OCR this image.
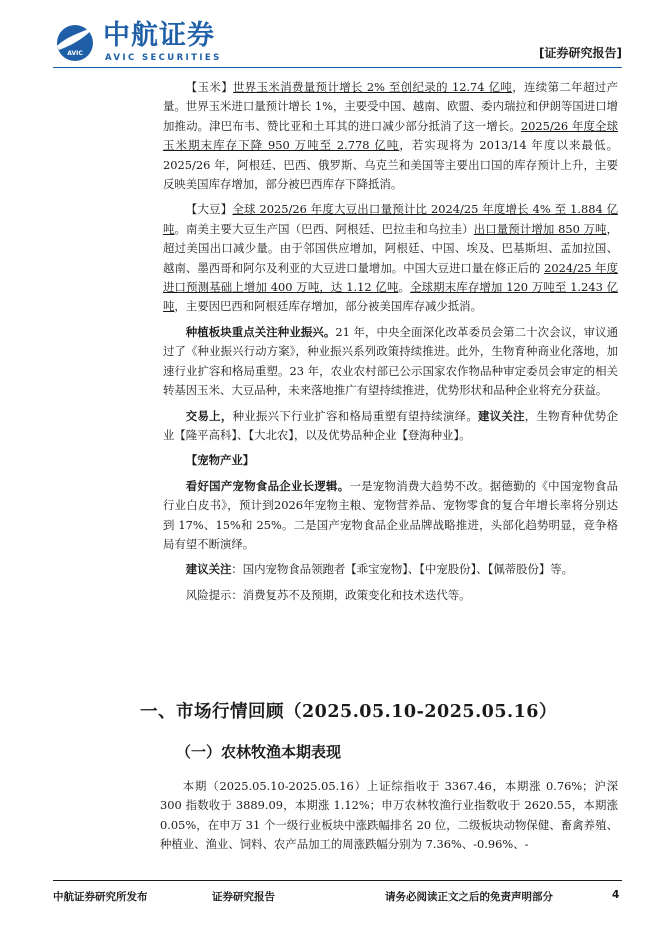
AVIC
中航证券
AVIC SECURITIES	[证券研究报告]

【玉米】世界玉米消费量预计增长 2% 至创纪录的 12.74 亿吨，连续第二年超过产量。世界玉米进口量预计增长 1%，主要受中国、越南、欧盟、委内瑞拉和伊朗等国进口增加推动。津巴布韦、赞比亚和土耳其的进口减少部分抵消了这一增长。2025/26 年度全球玉米期末库存下降 950 万吨至 2.778 亿吨，若实现将为 2013/14 年度以来最低。2025/26 年，阿根廷、巴西、俄罗斯、乌克兰和美国等主要出口国的库存预计上升，主要反映美国库存增加，部分被巴西库存下降抵消。

【大豆】全球 2025/26 年度大豆出口量预计比 2024/25 年度增长 4% 至 1.884 亿吨。南美主要大豆生产国（巴西、阿根廷、巴拉圭和乌拉圭）出口量预计增加 850 万吨，超过美国出口减少量。由于邻国供应增加，阿根廷、中国、埃及、巴基斯坦、孟加拉国、越南、墨西哥和阿尔及利亚的大豆进口量增加。中国大豆进口量在修正后的 2024/25 年度进口预测基础上增加 400 万吨，达 1.12 亿吨。全球期末库存增加 120 万吨至 1.243 亿吨，主要因巴西和阿根廷库存增加，部分被美国库存减少抵消。

种植板块重点关注种业振兴。21 年，中央全面深化改革委员会第二十次会议，审议通过了《种业振兴行动方案》，种业振兴系列政策持续推进。此外，生物育种商业化落地，加速行业扩容和格局重塑。23 年，农业农村部已公示国家农作物品种审定委员会审定的相关转基因玉米、大豆品种，未来落地推广有望持续推进，优势形状和品种企业将充分获益。

交易上，种业振兴下行业扩容和格局重塑有望持续演绎。建议关注，生物育种优势企业【隆平高科】、【大北农】，以及优势品种企业【登海种业】。

【宠物产业】

看好国产宠物食品企业长逻辑。一是宠物消费大趋势不改。据德勤的《中国宠物食品行业白皮书》，预计到2026年宠物主粮、宠物营养品、宠物零食的复合年增长率将分别达到 17%、15%和 25%。二是国产宠物食品企业品牌战略推进，头部化趋势明显，竞争格局有望不断演绎。

建议关注：国内宠物食品领跑者【乖宝宠物】、【中宠股份】、【佩蒂股份】等。

风险提示：消费复苏不及预期，政策变化和技术迭代等。

一、市场行情回顾（2025.05.10-2025.05.16）
（一）农林牧渔本期表现
本期（2025.05.10-2025.05.16）上证综指收于 3367.46，本期涨 0.76%；沪深 300 指数收于 3889.09，本期涨 1.12%；申万农林牧渔行业指数收于 2620.55，本期涨 0.05%，在申万 31 个一级行业板块中涨跌幅排名 20 位，二级板块动物保健、畜禽养殖、种植业、渔业、饲料、农产品加工的周涨跌幅分别为 7.36%、-0.96%、-
中航证券研究所发布	证券研究报告	请务必阅读正文之后的免责声明部分	4
